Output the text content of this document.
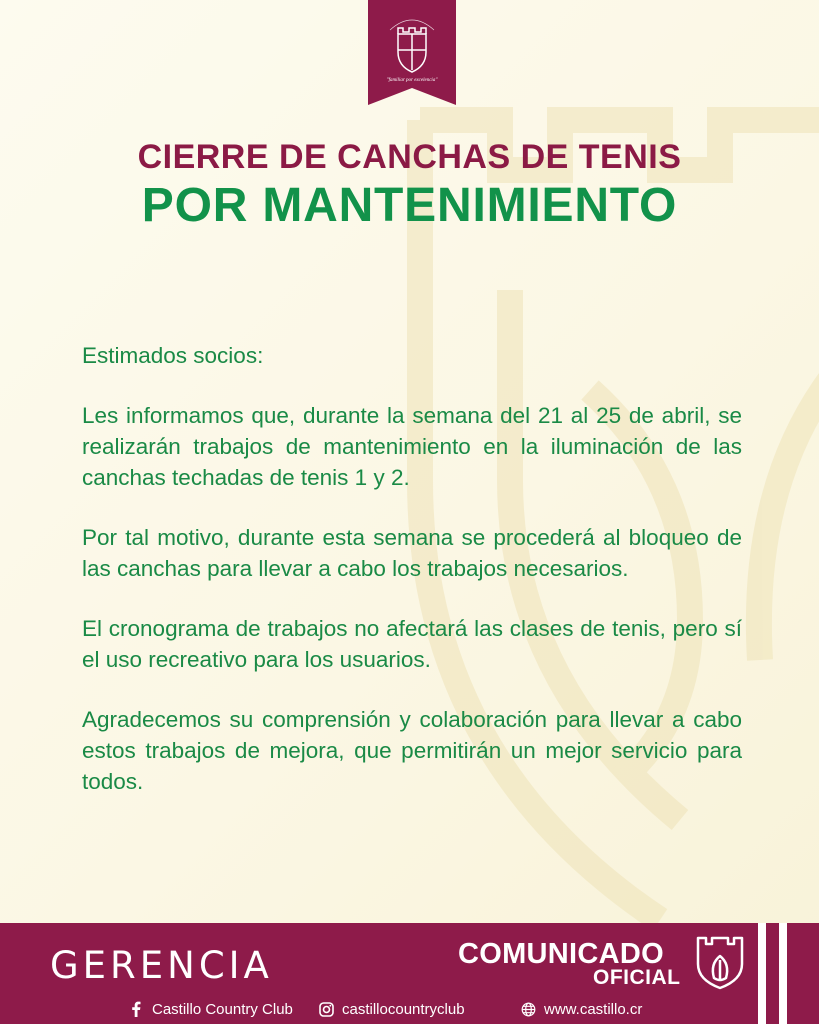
"familiar por excelencia"
CIERRE DE CANCHAS DE TENIS
POR MANTENIMIENTO

Estimados socios:

Les informamos que, durante la semana del 21 al 25 de abril, se realizarán trabajos de mantenimiento en la iluminación de las canchas techadas de tenis 1 y 2.

Por tal motivo, durante esta semana se procederá al bloqueo de las canchas para llevar a cabo los trabajos necesarios.

El cronograma de trabajos no afectará las clases de tenis, pero sí el uso recreativo para los usuarios.

Agradecemos su comprensión y colaboración para llevar a cabo estos trabajos de mejora, que permitirán un mejor servicio para todos.

GERENCIA	COMUNICADO
OFICIAL
Castillo Country Club	castillocountryclub	www.castillo.cr
